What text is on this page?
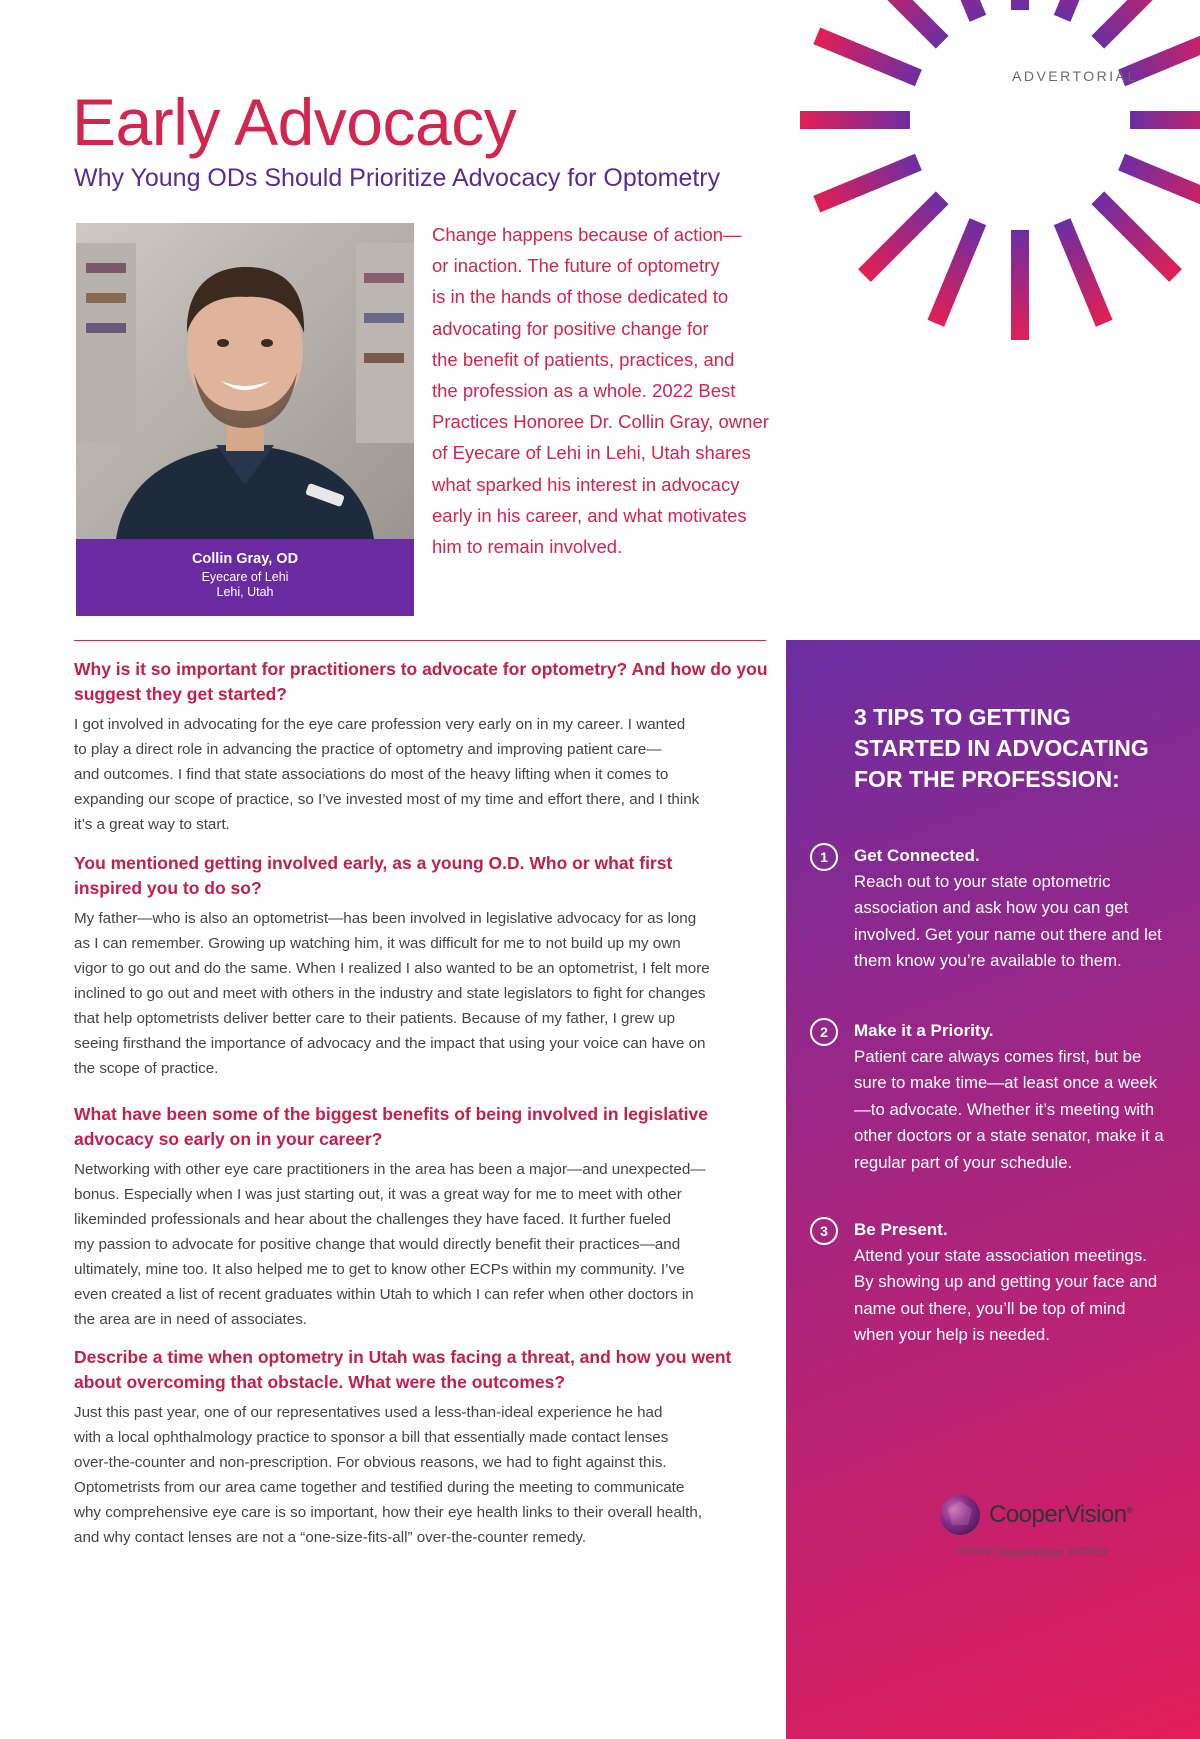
ADVERTORIAL
Early Advocacy
Why Young ODs Should Prioritize Advocacy for Optometry
Collin Gray, OD
Eyecare of Lehi
Lehi, Utah
Change happens because of action—
or inaction. The future of optometry
is in the hands of those dedicated to
advocating for positive change for
the benefit of patients, practices, and
the profession as a whole. 2022 Best
Practices Honoree Dr. Collin Gray, owner
of Eyecare of Lehi in Lehi, Utah shares
what sparked his interest in advocacy
early in his career, and what motivates
him to remain involved.

Why is it so important for practitioners to advocate for optometry? And how do you suggest they get started?

I got involved in advocating for the eye care profession very early on in my career. I wanted
to play a direct role in advancing the practice of optometry and improving patient care—
and outcomes. I find that state associations do most of the heavy lifting when it comes to
expanding our scope of practice, so I’ve invested most of my time and effort there, and I think
it’s a great way to start.

You mentioned getting involved early, as a young O.D. Who or what first inspired you to do so?

My father—who is also an optometrist—has been involved in legislative advocacy for as long
as I can remember. Growing up watching him, it was difficult for me to not build up my own
vigor to go out and do the same. When I realized I also wanted to be an optometrist, I felt more
inclined to go out and meet with others in the industry and state legislators to fight for changes
that help optometrists deliver better care to their patients. Because of my father, I grew up
seeing firsthand the importance of advocacy and the impact that using your voice can have on
the scope of practice.

What have been some of the biggest benefits of being involved in legislative advocacy so early on in your career?

Networking with other eye care practitioners in the area has been a major—and unexpected—
bonus. Especially when I was just starting out, it was a great way for me to meet with other
likeminded professionals and hear about the challenges they have faced. It further fueled
my passion to advocate for positive change that would directly benefit their practices—and
ultimately, mine too. It also helped me to get to know other ECPs within my community. I’ve
even created a list of recent graduates within Utah to which I can refer when other doctors in
the area are in need of associates.

Describe a time when optometry in Utah was facing a threat, and how you went about overcoming that obstacle. What were the outcomes?

Just this past year, one of our representatives used a less-than-ideal experience he had
with a local ophthalmology practice to sponsor a bill that essentially made contact lenses
over-the-counter and non-prescription. For obvious reasons, we had to fight against this.
Optometrists from our area came together and testified during the meeting to communicate
why comprehensive eye care is so important, how their eye health links to their overall health,
and why contact lenses are not a “one-size-fits-all” over-the-counter remedy.

3 TIPS TO GETTING STARTED IN ADVOCATING FOR THE PROFESSION:
1	Get Connected.
Reach out to your state optometric association and ask how you can get involved. Get your name out there and let them know you’re available to them.
2	Make it a Priority.
Patient care always comes first, but be sure to make time—at least once a week—to advocate. Whether it’s meeting with other doctors or a state senator, make it a regular part of your schedule.
3	Be Present.
Attend your state association meetings. By showing up and getting your face and name out there, you’ll be top of mind when your help is needed.
CooperVision®
©2022 CooperVision 10/2022
